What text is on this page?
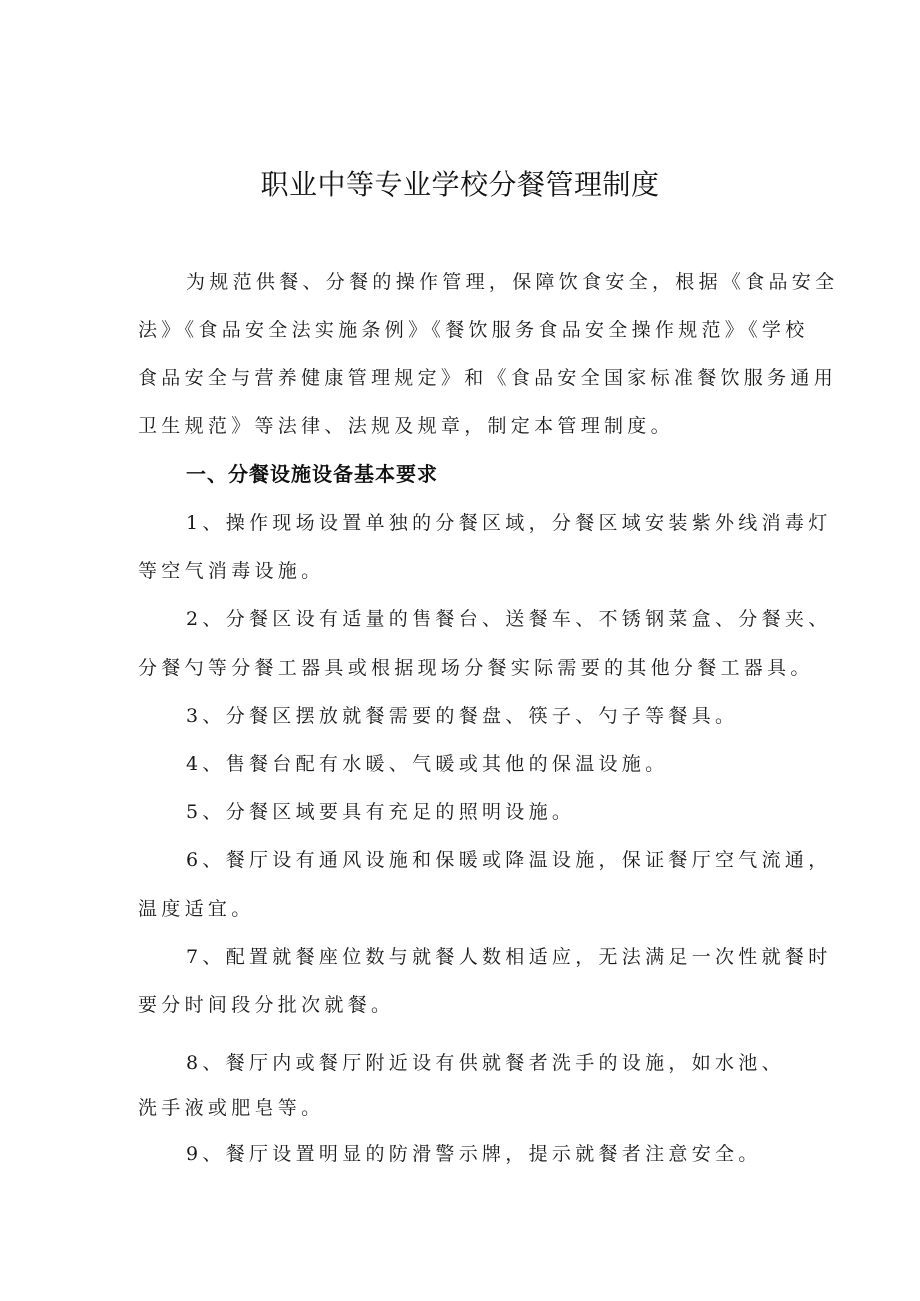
职业中等专业学校分餐管理制度
为规范供餐、分餐的操作管理，保障饮食安全，根据《食品安全
法》《食品安全法实施条例》《餐饮服务食品安全操作规范》《学校
食品安全与营养健康管理规定》和《食品安全国家标准餐饮服务通用
卫生规范》等法律、法规及规章，制定本管理制度。
一、分餐设施设备基本要求
1、操作现场设置单独的分餐区域，分餐区域安装紫外线消毒灯
等空气消毒设施。
2、分餐区设有适量的售餐台、送餐车、不锈钢菜盒、分餐夹、
分餐勺等分餐工器具或根据现场分餐实际需要的其他分餐工器具。
3、分餐区摆放就餐需要的餐盘、筷子、勺子等餐具。
4、售餐台配有水暖、气暖或其他的保温设施。
5、分餐区域要具有充足的照明设施。
6、餐厅设有通风设施和保暖或降温设施，保证餐厅空气流通，
温度适宜。
7、配置就餐座位数与就餐人数相适应，无法满足一次性就餐时
要分时间段分批次就餐。
8、餐厅内或餐厅附近设有供就餐者洗手的设施，如水池、
洗手液或肥皂等。
9、餐厅设置明显的防滑警示牌，提示就餐者注意安全。
